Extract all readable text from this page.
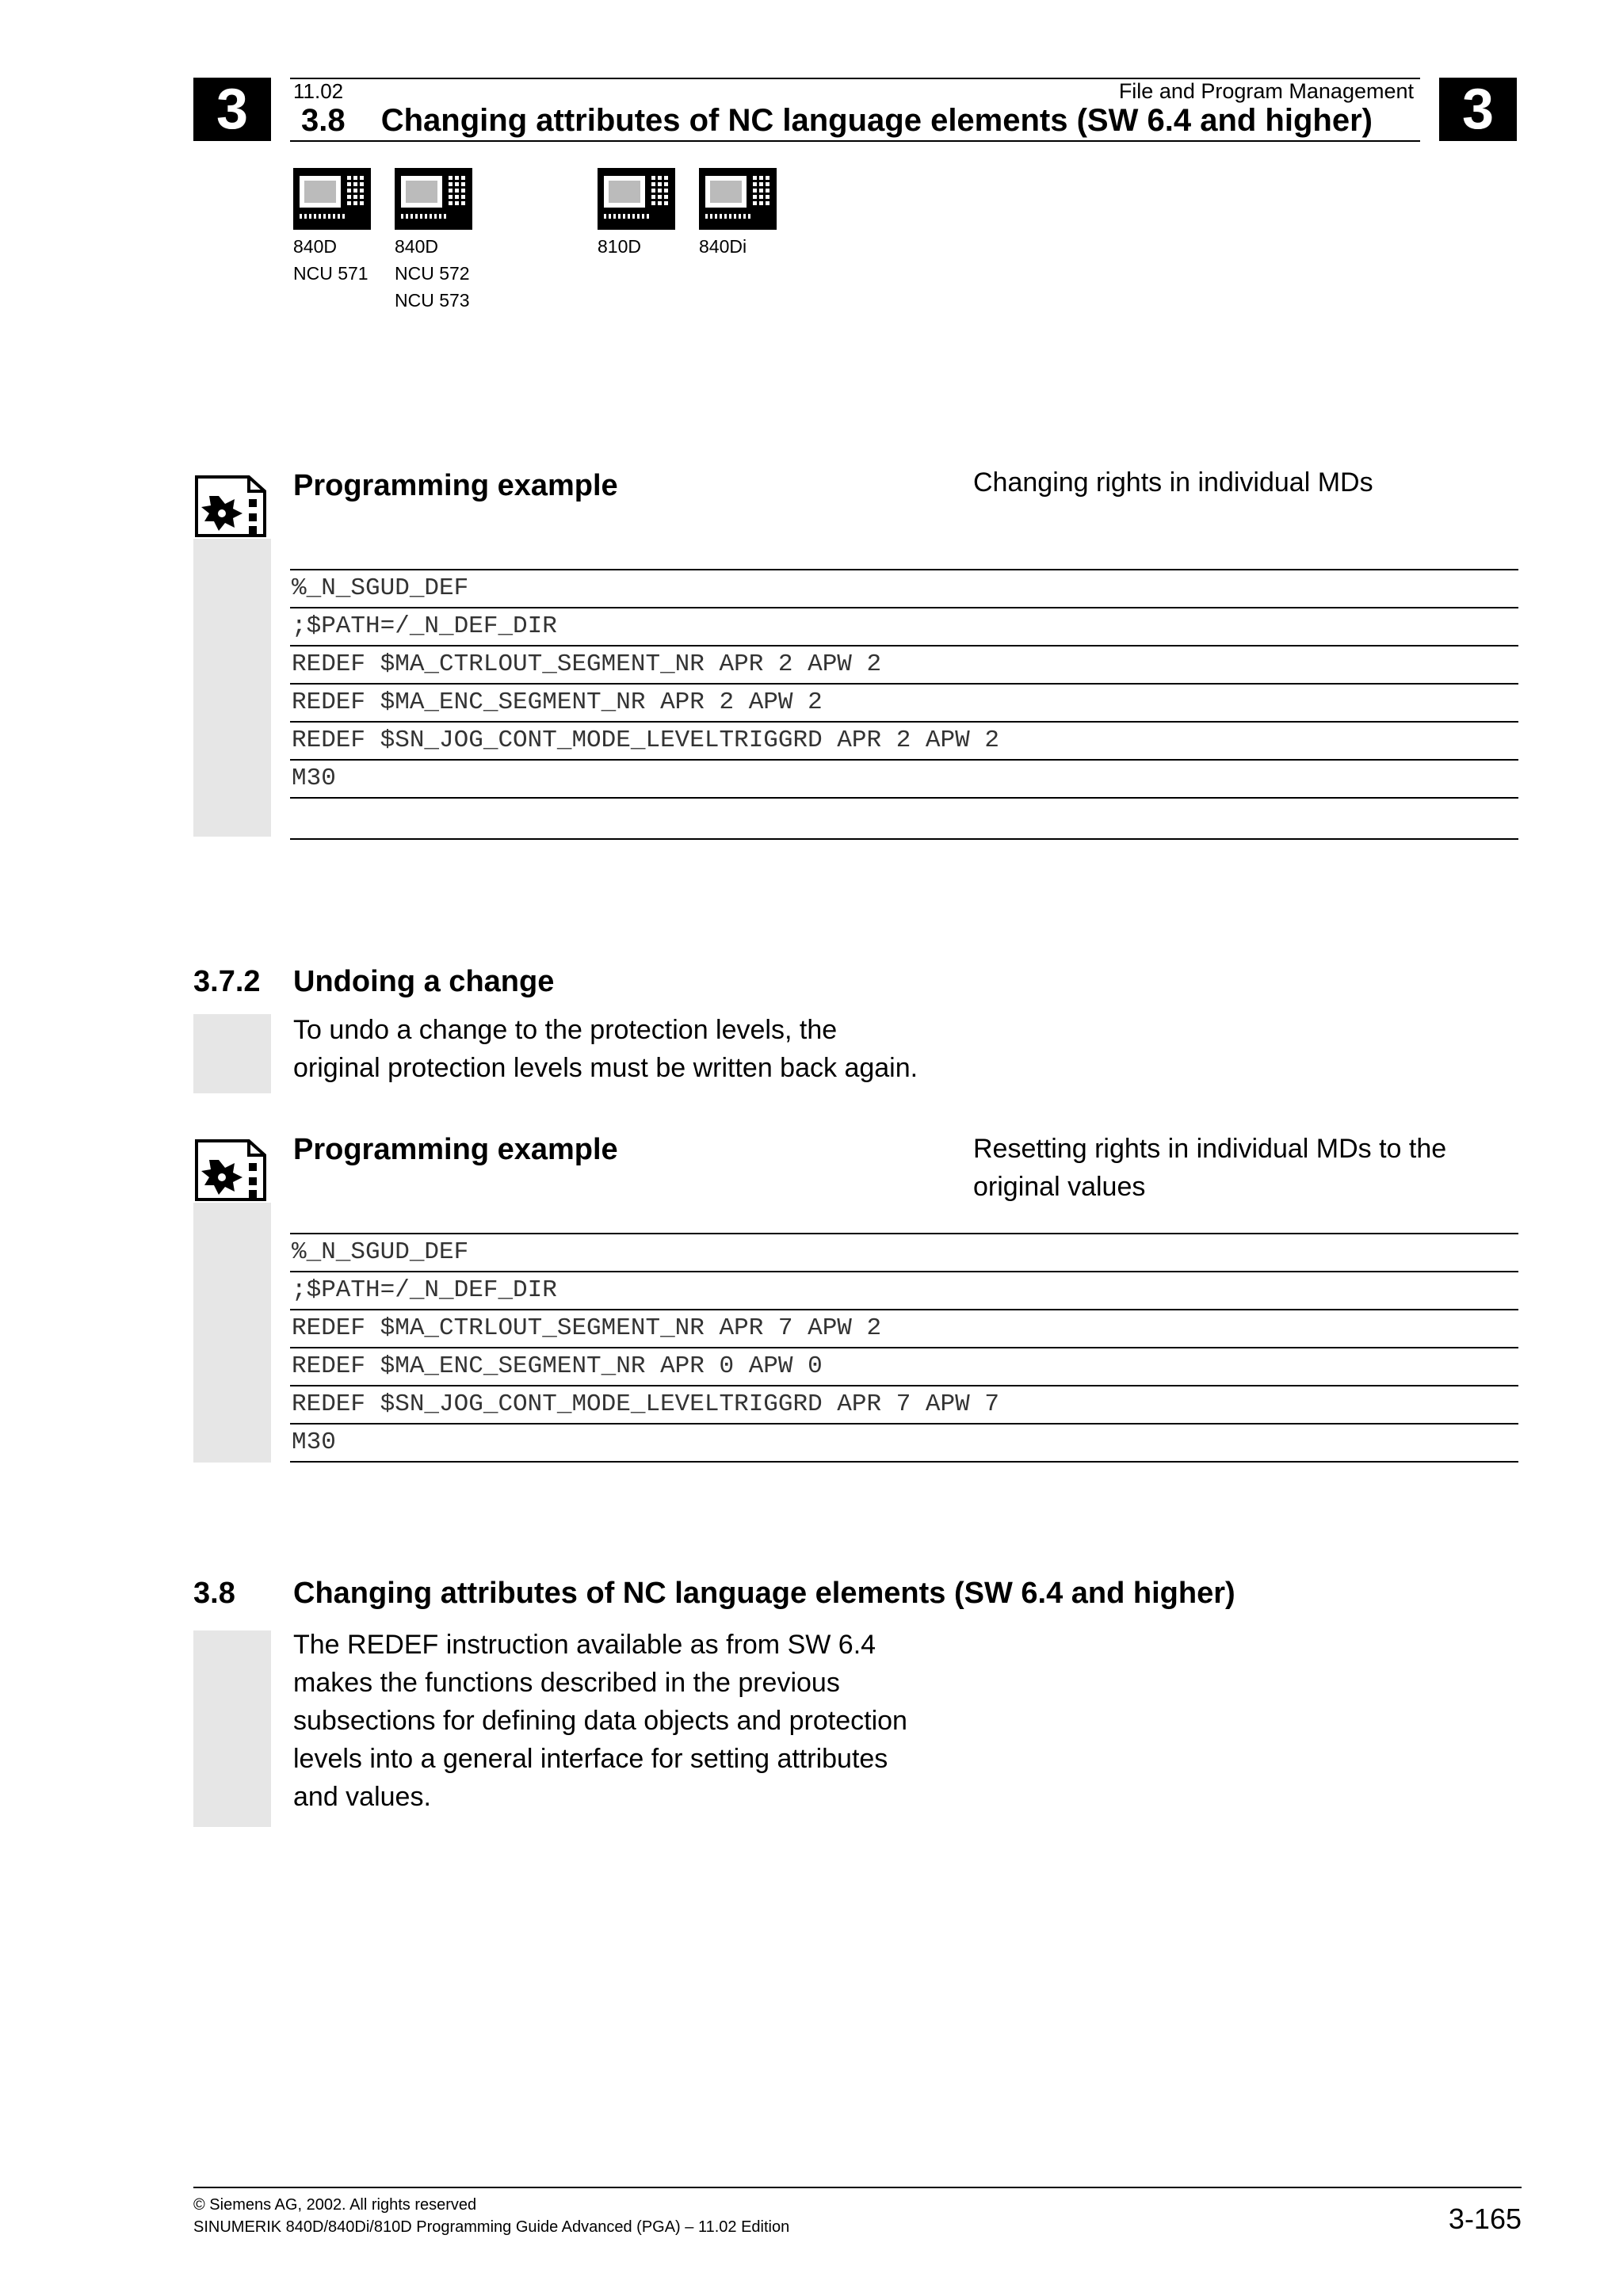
3	3
11.02	File and Program Management
3.8 Changing attributes of NC language elements (SW 6.4 and higher)
840D
NCU 571
840D
NCU 572
NCU 573
810D	840Di
Programming example	Changing rights in individual MDs
%_N_SGUD_DEF
;$PATH=/_N_DEF_DIR
REDEF $MA_CTRLOUT_SEGMENT_NR APR 2 APW 2
REDEF $MA_ENC_SEGMENT_NR APR 2 APW 2
REDEF $SN_JOG_CONT_MODE_LEVELTRIGGRD APR 2 APW 2
M30
3.7.2 Undoing a change
To undo a change to the protection levels, the
original protection levels must be written back again.
Programming example	Resetting rights in individual MDs to the
original values
%_N_SGUD_DEF
;$PATH=/_N_DEF_DIR
REDEF $MA_CTRLOUT_SEGMENT_NR APR 7 APW 2
REDEF $MA_ENC_SEGMENT_NR APR 0 APW 0
REDEF $SN_JOG_CONT_MODE_LEVELTRIGGRD APR 7 APW 7
M30
3.8 Changing attributes of NC language elements (SW 6.4 and higher)
The REDEF instruction available as from SW 6.4
makes the functions described in the previous
subsections for defining data objects and protection
levels into a general interface for setting attributes
and values.
© Siemens AG, 2002. All rights reserved
SINUMERIK 840D/840Di/810D Programming Guide Advanced (PGA) – 11.02 Edition	3-165
